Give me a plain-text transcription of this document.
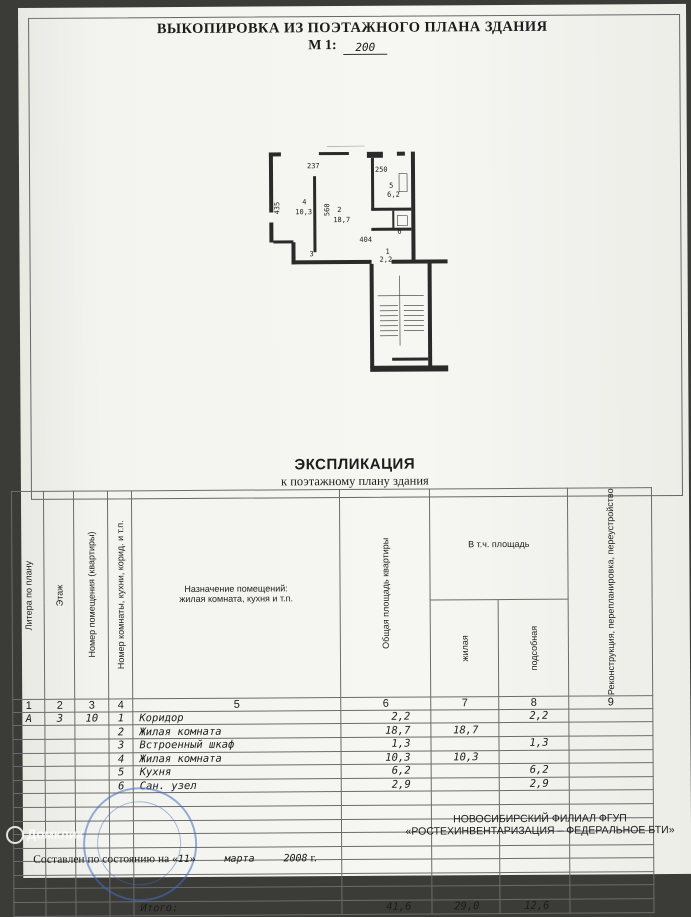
ВЫКОПИРОВКА ИЗ ПОЭТАЖНОГО ПЛАНА ЗДАНИЯ
М 1:	200
237	250
435	560
404
4
10,3	2
18,7
5
6,2
6
1
2,2
3
ЭКСПЛИКАЦИЯ
к поэтажному плану здания
Литера по плану	Этаж	Номер помещения (квартиры)	Номер комнаты, кухни, корид. и т.п.	Назначение помещений: жилая комната, кухня и т.п.	Общая площадь квартиры	В т.ч. площадь		Реконструкция, перепланировка, переустройство

						жилая	подсобная	

1	2	3	4	5	6	7	8	9
А	3	10	1	Коридор	2,2		2,2	
			2	Жилая комната	18,7	18,7		
			3	Встроенный шкаф	1,3		1,3	
			4	Жилая комната	10,3	10,3		
			5	Кухня	6,2		6,2	
			6	Сан. узел	2,9		2,9	

				Итого:	41,6	29,0	12,6	
НОВОСИБИРСКИЙ ФИЛИАЛ ФГУП
«РОСТЕХИНВЕНТАРИЗАЦИЯ – ФЕДЕРАЛЬНОЕ БТИ»
Составлен по состоянию на «11»	марта	2008 г.
Домклик
